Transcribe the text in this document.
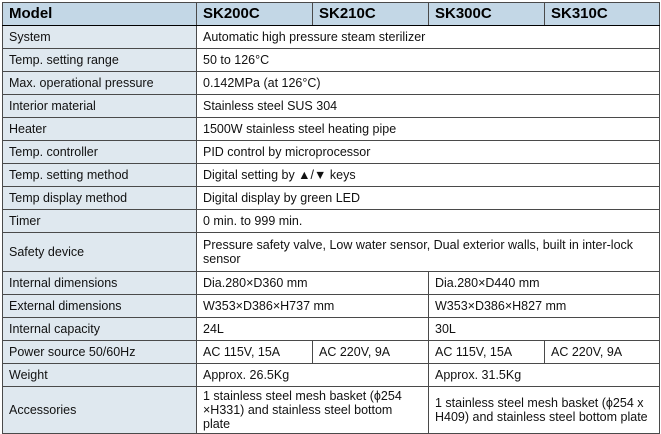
Model	SK200C	SK210C	SK300C	SK310C
System	Automatic high pressure steam sterilizer			
Temp. setting range	50 to 126°C			
Max. operational pressure	0.142MPa (at 126°C)			
Interior material	Stainless steel SUS 304			
Heater	1500W stainless steel heating pipe			
Temp. controller	PID control by microprocessor			
Temp. setting method	Digital setting by ▲/▼ keys			
Temp display method	Digital display by green LED			
Timer	0 min. to 999 min.			
Safety device	Pressure safety valve, Low water sensor, Dual exterior walls, built in inter-lock sensor			
Internal dimensions	Dia.280×D360 mm		Dia.280×D440 mm	
External dimensions	W353×D386×H737 mm		W353×D386×H827 mm	
Internal capacity	24L		30L	
Power source 50/60Hz	AC 115V, 15A	AC 220V, 9A	AC 115V, 15A	AC 220V, 9A
Weight	Approx. 26.5Kg		Approx. 31.5Kg	
Accessories	1 stainless steel mesh basket (ϕ254 ×H331) and stainless steel bottom plate		1 stainless steel mesh basket (ϕ254 x H409) and stainless steel bottom plate	
